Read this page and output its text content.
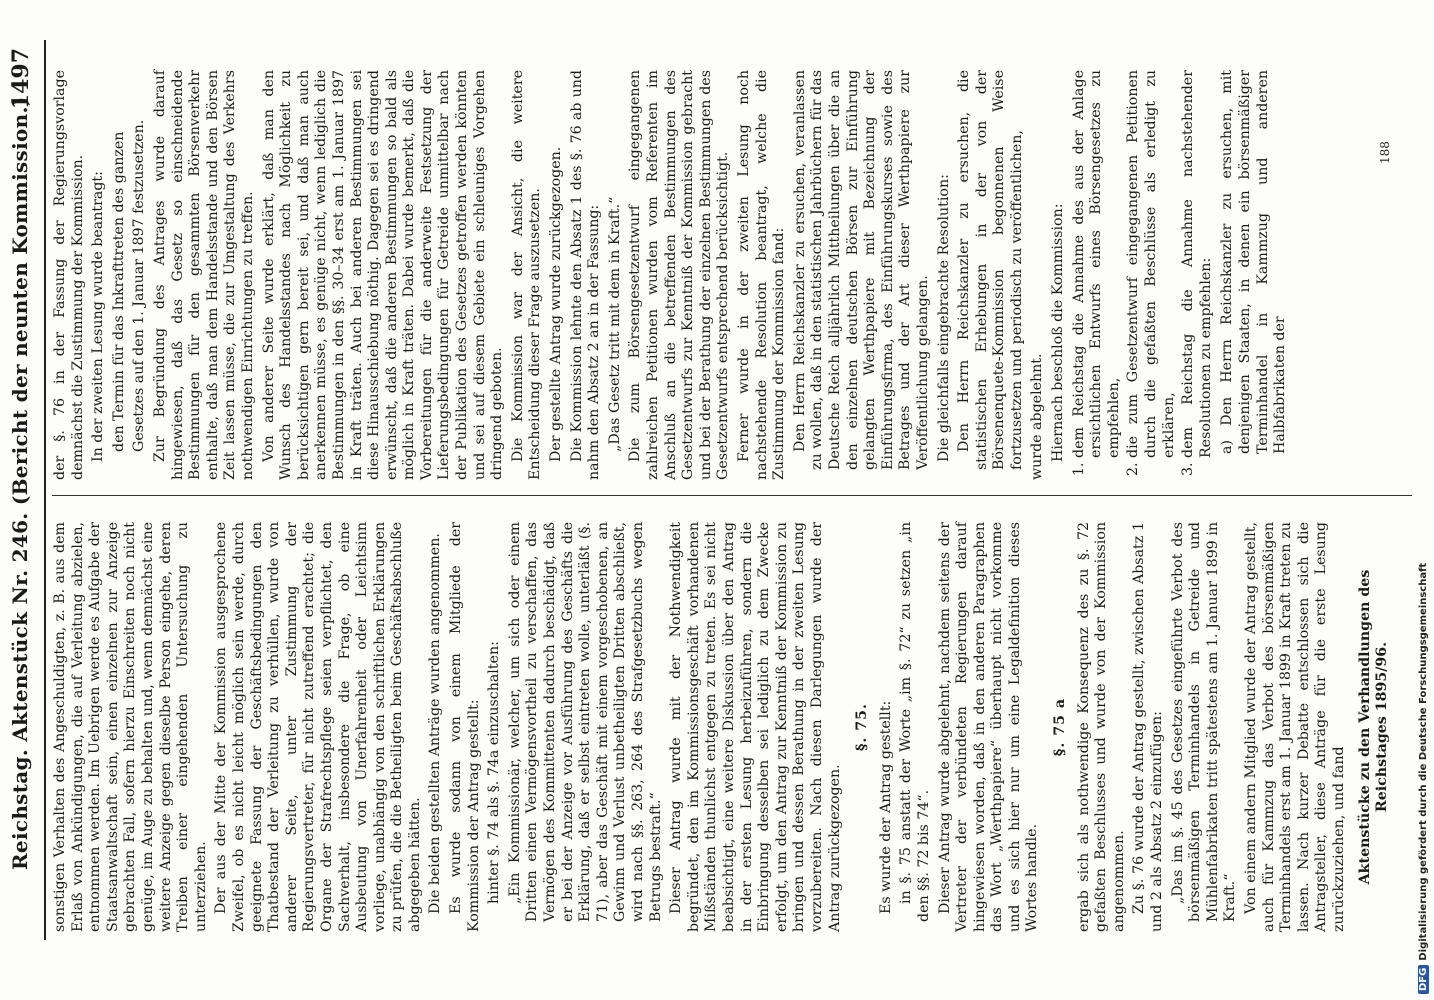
Reichstag. Aktenstück Nr. 246. (Bericht der neunten Kommission.)
1497

sonstigen Verhalten des Angeschuldigten, z. B. aus dem Erlaß von Ankündigungen, die auf Verleitung abzielen, entnommen werden. Im Uebrigen werde es Aufgabe der Staatsanwaltschaft sein, einen einzelnen zur Anzeige gebrachten Fall, sofern hierzu Einschreiten noch nicht genüge, im Auge zu behalten und, wenn demnächst eine weitere Anzeige gegen dieselbe Person eingehe, deren Treiben einer eingehenden Untersuchung zu unterziehen. Der aus der Mitte der Kommission ausgesprochene Zweifel, ob es nicht leicht möglich sein werde, durch geeignete Fassung der Geschäftsbedingungen den Thatbestand der Verleitung zu verhüllen, wurde von anderer Seite, unter Zustimmung der Regierungsvertreter, für nicht zutreffend erachtet; die Organe der Strafrechtspflege seien verpflichtet, den Sachverhalt, insbesondere die Frage, ob eine Ausbeutung von Unerfahrenheit oder Leichtsinn vorliege, unabhängig von den schriftlichen Erklärungen zu prüfen, die die Betheiligten beim Geschäftsabschluße abgegeben hätten. Die beiden gestellten Anträge wurden angenommen. Es wurde sodann von einem Mitgliede der Kommission der Antrag gestellt: hinter §. 74 als §. 74a einzuschalten: „Ein Kommissionär, welcher, um sich oder einem Dritten einen Vermögensvortheil zu verschaffen, das Vermögen des Kommittenten dadurch beschädigt, daß er bei der Anzeige vor Ausführung des Geschäfts die Erklärung, daß er selbst eintreten wolle, unterläßt (§. 71), aber das Geschäft mit einem vorgeschobenen, an Gewinn und Verlust unbetheiligten Dritten abschließt, wird nach §§. 263, 264 des Strafgesetzbuchs wegen Betrugs bestraft.“ Dieser Antrag wurde mit der Nothwendigkeit begründet, den im Kommissionsgeschäft vorhandenen Mißständen thunlichst entgegen zu treten. Es sei nicht beabsichtigt, eine weitere Diskussion über den Antrag in der ersten Lesung herbeizuführen, sondern die Einbringung desselben sei lediglich zu dem Zwecke erfolgt, um den Antrag zur Kenntniß der Kommission zu bringen und dessen Berathung in der zweiten Lesung vorzubereiten. Nach diesen Darlegungen wurde der Antrag zurückgezogen.

§. 75. Es wurde der Antrag gestellt: in §. 75 anstatt der Worte „im §. 72“ zu setzen „in den §§. 72 bis 74“. Dieser Antrag wurde abgelehnt, nachdem seitens der Vertreter der verbündeten Regierungen darauf hingewiesen worden, daß in den anderen Paragraphen das Wort „Werthpapiere“ überhaupt nicht vorkomme und es sich hier nur um eine Legaldefinition dieses Wortes handle.

§. 75 a ergab sich als nothwendige Konsequenz des zu §. 72 gefaßten Beschlusses und wurde von der Kommission angenommen. Zu §. 76 wurde der Antrag gestellt, zwischen Absatz 1 und 2 als Absatz 2 einzufügen: „Das im §. 45 des Gesetzes eingeführte Verbot des börsenmäßigen Terminhandels in Getreide und Mühlenfabrikaten tritt spätestens am 1. Januar 1899 in Kraft.“ Von einem andern Mitglied wurde der Antrag gestellt, auch für Kammzug das Verbot des börsenmäßigen Terminhandels erst am 1. Januar 1899 in Kraft treten zu lassen. Nach kurzer Debatte entschlossen sich die Antragsteller, diese Anträge für die erste Lesung zurückzuziehen, und fand Aktenstücke zu den Verhandlungen des Reichstages 1895/96.

der §. 76 in der Fassung der Regierungsvorlage demnächst die Zustimmung der Kommission. In der zweiten Lesung wurde beantragt: den Termin für das Inkrafttreten des ganzen Gesetzes auf den 1. Januar 1897 festzusetzen. Zur Begründung des Antrages wurde darauf hingewiesen, daß das Gesetz so einschneidende Bestimmungen für den gesammten Börsenverkehr enthalte, daß man dem Handelsstande und den Börsen Zeit lassen müsse, die zur Umgestaltung des Verkehrs nothwendigen Einrichtungen zu treffen. Von anderer Seite wurde erklärt, daß man den Wunsch des Handelsstandes nach Möglichkeit zu berücksichtigen gern bereit sei, und daß man auch anerkennen müsse, es genüge nicht, wenn lediglich die Bestimmungen in den §§. 30–34 erst am 1. Januar 1897 in Kraft träten. Auch bei anderen Bestimmungen sei diese Hinausschiebung nöthig. Dagegen sei es dringend erwünscht, daß die anderen Bestimmungen so bald als möglich in Kraft träten. Dabei wurde bemerkt, daß die Vorbereitungen für die anderweite Festsetzung der Lieferungsbedingungen für Getreide unmittelbar nach der Publikation des Gesetzes getroffen werden könnten und sei auf diesem Gebiete ein schleuniges Vorgehen dringend geboten. Die Kommission war der Ansicht, die weitere Entscheidung dieser Frage auszusetzen. Der gestellte Antrag wurde zurückgezogen. Die Kommission lehnte den Absatz 1 des §. 76 ab und nahm den Absatz 2 an in der Fassung: „Das Gesetz tritt mit dem in Kraft.“ Die zum Börsengesetzentwurf eingegangenen zahlreichen Petitionen wurden vom Referenten im Anschluß an die betreffenden Bestimmungen des Gesetzentwurfs zur Kenntniß der Kommission gebracht und bei der Berathung der einzelnen Bestimmungen des Gesetzentwurfs entsprechend berücksichtigt. Ferner wurde in der zweiten Lesung noch nachstehende Resolution beantragt, welche die Zustimmung der Kommission fand: Den Herrn Reichskanzler zu ersuchen, veranlassen zu wollen, daß in den statistischen Jahrbüchern für das Deutsche Reich alljährlich Mittheilungen über die an den einzelnen deutschen Börsen zur Einführung gelangten Werthpapiere mit Bezeichnung der Einführungsfirma, des Einführungskurses sowie des Betrages und der Art dieser Werthpapiere zur Veröffentlichung gelangen. Die gleichfalls eingebrachte Resolution: Den Herrn Reichskanzler zu ersuchen, die statistischen Erhebungen in der von der Börsenenquete-Kommission begonnenen Weise fortzusetzen und periodisch zu veröffentlichen, wurde abgelehnt. Hiernach beschloß die Kommission: 1. dem Reichstag die Annahme des aus der Anlage ersichtlichen Entwurfs eines Börsengesetzes zu empfehlen, 2. die zum Gesetzentwurf eingegangenen Petitionen durch die gefaßten Beschlüsse als erledigt zu erklären, 3. dem Reichstag die Annahme nachstehender Resolutionen zu empfehlen: a) Den Herrn Reichskanzler zu ersuchen, mit denjenigen Staaten, in denen ein börsenmäßiger Terminhandel in Kammzug und anderen Halbfabrikaten der

188
DFGDigitalisierung gefördert durch die Deutsche Forschungsgemeinschaft
